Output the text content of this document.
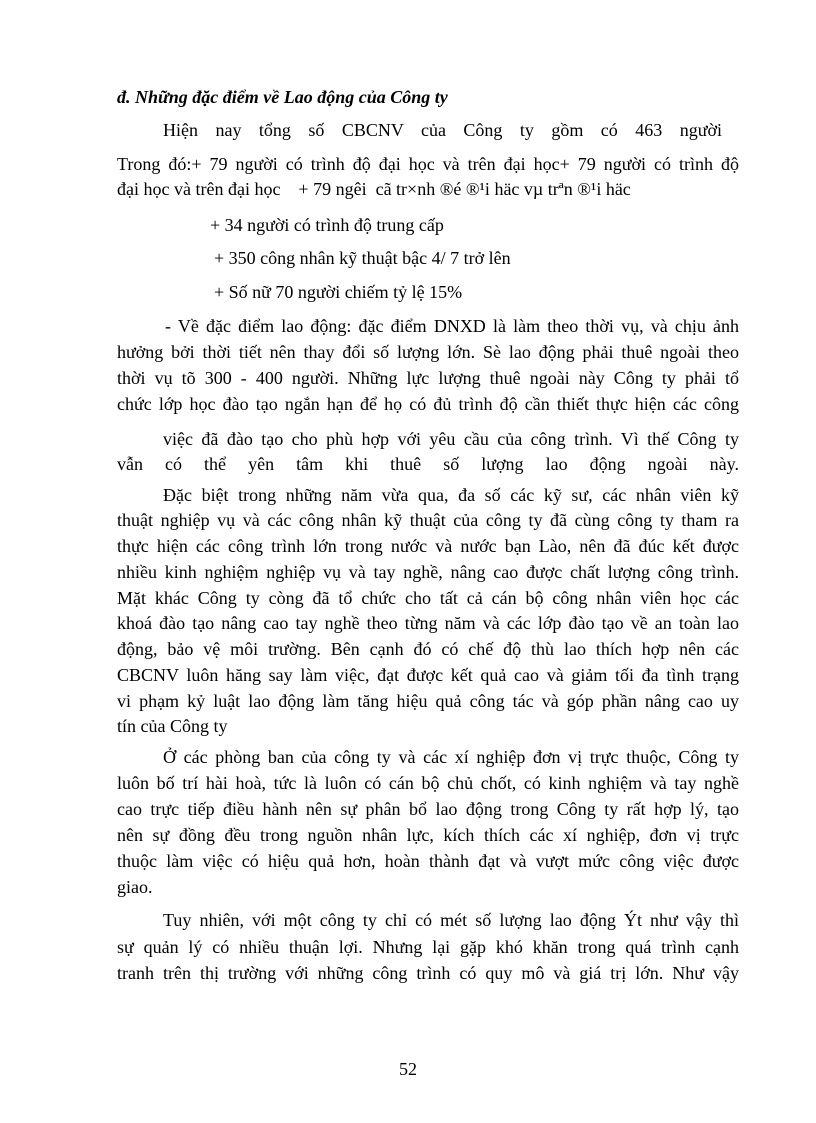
đ. Những đặc điểm về Lao động của Công ty
Hiện nay tổng số CBCNV của Công ty gồm có 463 người
Trong đó:+ 79 người có trình độ đại học và trên đại học+ 79 người có trình độ
đại học và trên đại học    + 79 ngêi  cã tr×nh ®é ®¹i häc vµ trªn ®¹i häc
+ 34 người có trình độ trung cấp
+ 350 công nhân kỹ thuật bậc 4/ 7 trở lên
+ Số nữ 70 người chiếm tỷ lệ 15%
- Về đặc điểm lao động: đặc điểm DNXD là làm theo thời vụ, và chịu ảnh
hưởng bởi thời tiết nên thay đổi số lượng lớn. Sè lao động phải thuê ngoài theo
thời vụ tõ 300 - 400 người. Những lực lượng thuê ngoài này Công ty phải tổ
chức lớp học đào tạo ngắn hạn để họ có đủ trình độ cần thiết thực hiện các công
việc đã đào tạo cho phù hợp với yêu cầu của công trình. Vì thế Công ty
vẫn có thể yên tâm khi thuê số lượng lao động ngoài này.
Đặc biệt trong những năm vừa qua, đa số các kỹ sư, các nhân viên kỹ
thuật nghiệp vụ và các công nhân kỹ thuật của công ty đã cùng công ty tham ra
thực hiện các công trình lớn trong nước và nước bạn Lào, nên đã đúc kết được
nhiều kinh nghiệm nghiệp vụ và tay nghề, nâng cao được chất lượng công trình.
Mặt khác Công ty còng đã tổ chức cho tất cả cán bộ công nhân viên học các
khoá đào tạo nâng cao tay nghề theo từng năm và các lớp đào tạo về an toàn lao
động, bảo vệ môi trường. Bên cạnh đó có chế độ thù lao thích hợp nên các
CBCNV luôn hăng say làm việc, đạt được kết quả cao và giảm tối đa tình trạng
vi phạm kỷ luật lao động làm tăng hiệu quả công tác và góp phần nâng cao uy
tín của Công ty
Ở các phòng ban của công ty và các xí nghiệp đơn vị trực thuộc, Công ty
luôn bố trí hài hoà, tức là luôn có cán bộ chủ chốt, có kinh nghiệm và tay nghề
cao trực tiếp điều hành nên sự phân bổ lao động trong Công ty rất hợp lý, tạo
nên sự đồng đều trong nguồn nhân lực, kích thích các xí nghiệp, đơn vị trực
thuộc làm việc có hiệu quả hơn, hoàn thành đạt và vượt mức công việc được
giao.
Tuy nhiên, với một công ty chỉ có mét số lượng lao động Ýt như vậy thì
sự quản lý có nhiều thuận lợi. Nhưng lại gặp khó khăn trong quá trình cạnh
tranh trên thị trường với những công trình có quy mô và giá trị lớn. Như vậy
52
